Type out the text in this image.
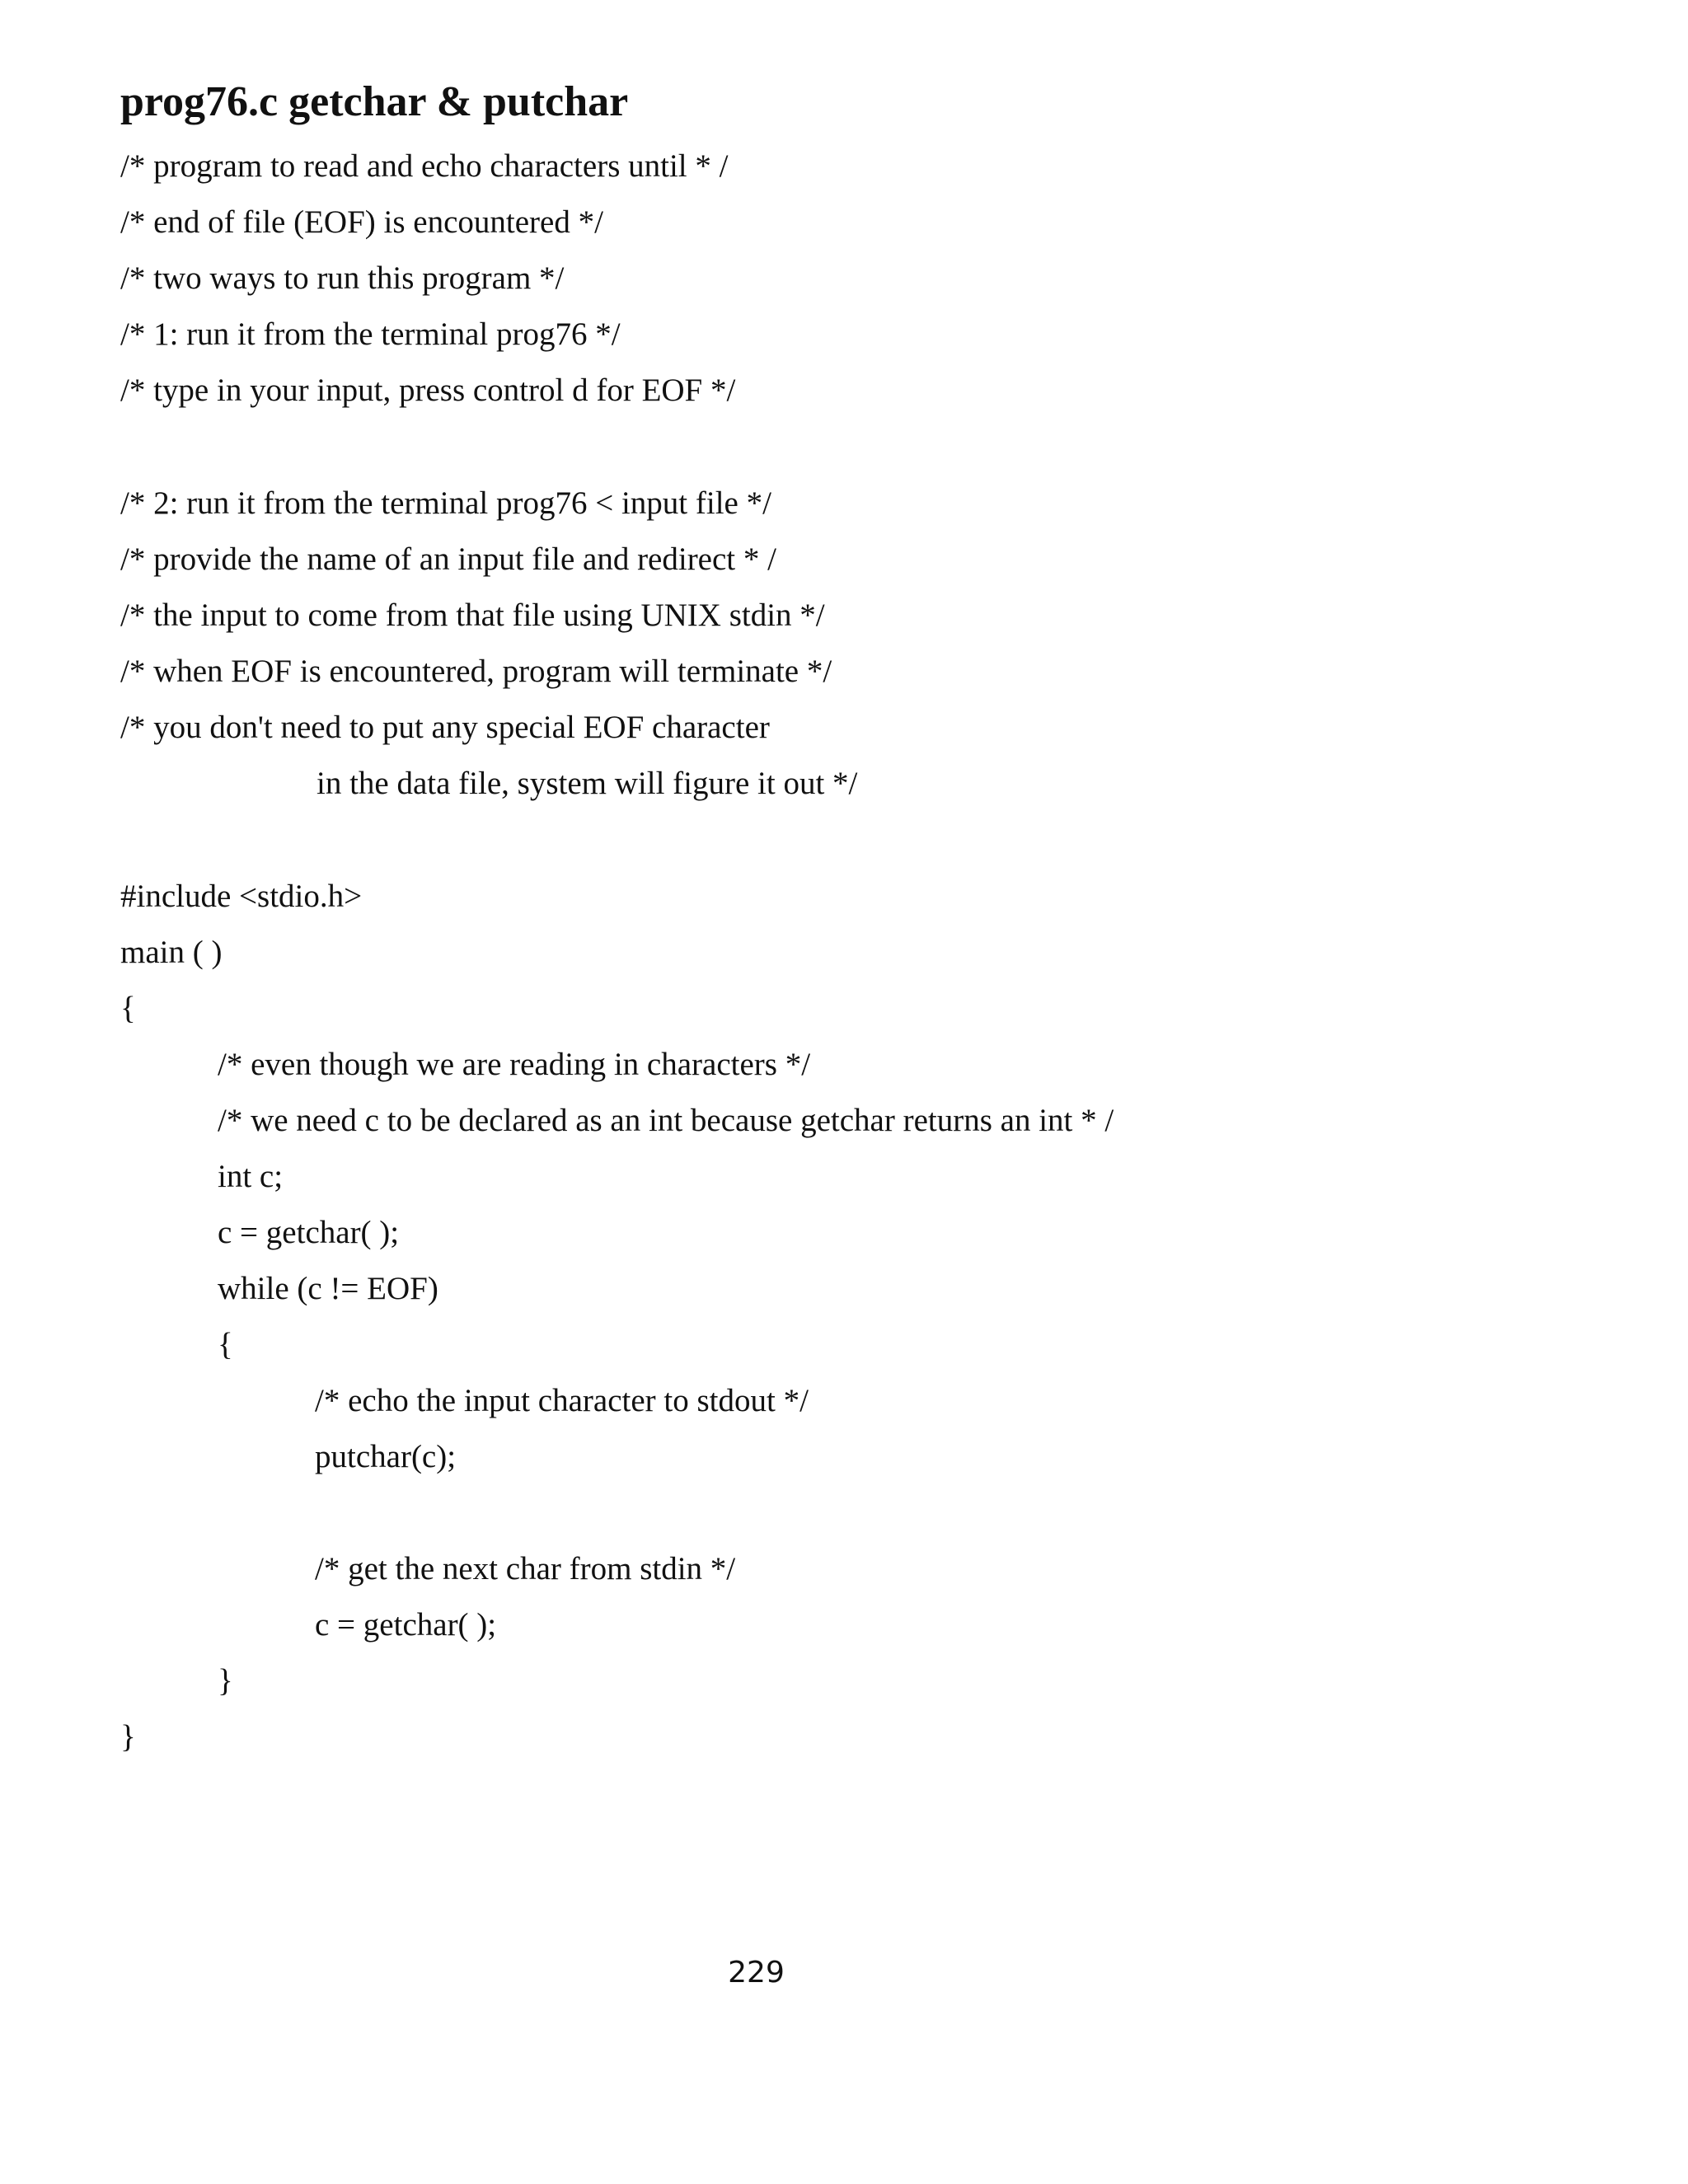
prog76.c getchar & putchar
/* program to read and echo characters until * /
/* end of file (EOF) is encountered */
/* two ways to run this program */
/* 1: run it from the terminal prog76 */
/* type in your input, press control d for EOF */
/* 2: run it from the terminal prog76 < input file */
/* provide the name of an input file and redirect * /
/* the input to come from that file using UNIX stdin */
/* when EOF is encountered, program will terminate */
/* you don't need to put any special EOF character
in the data file, system will figure it out */
#include <stdio.h>
main ( )
{
/* even though we are reading in characters */
/* we need c to be declared as an int because getchar returns an int * /
int c;
c = getchar( );
while (c != EOF)
{
/* echo the input character to stdout */
putchar(c);
/* get the next char from stdin */
c = getchar( );
}
}
229
